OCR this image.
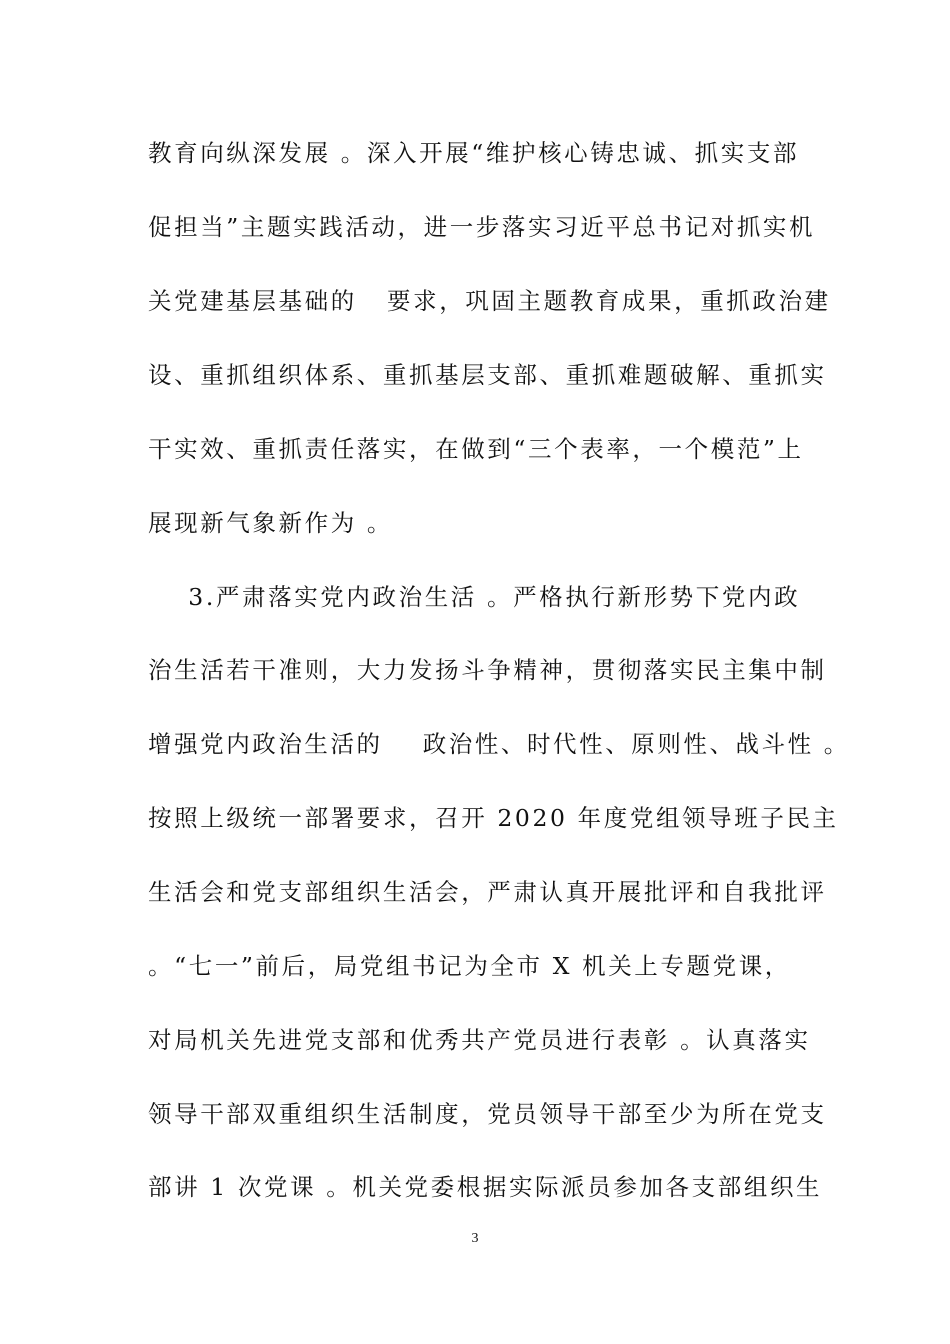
教育向纵深发展 。深入开展“维护核心铸忠诚、抓实支部
促担当”主题实践活动，进一步落实习近平总书记对抓实机
关党建基层基础的   要求，巩固主题教育成果，重抓政治建
设、重抓组织体系、重抓基层支部、重抓难题破解、重抓实
干实效、重抓责任落实，在做到“三个表率，一个模范”上
展现新气象新作为 。
3.严肃落实党内政治生活 。严格执行新形势下党内政
治生活若干准则，大力发扬斗争精神，贯彻落实民主集中制
增强党内政治生活的    政治性、时代性、原则性、战斗性 。
按照上级统一部署要求，召开 2020 年度党组领导班子民主
生活会和党支部组织生活会，严肃认真开展批评和自我批评
。“七一”前后，局党组书记为全市 X 机关上专题党课，
对局机关先进党支部和优秀共产党员进行表彰 。认真落实
领导干部双重组织生活制度，党员领导干部至少为所在党支
部讲 1 次党课 。机关党委根据实际派员参加各支部组织生
3
